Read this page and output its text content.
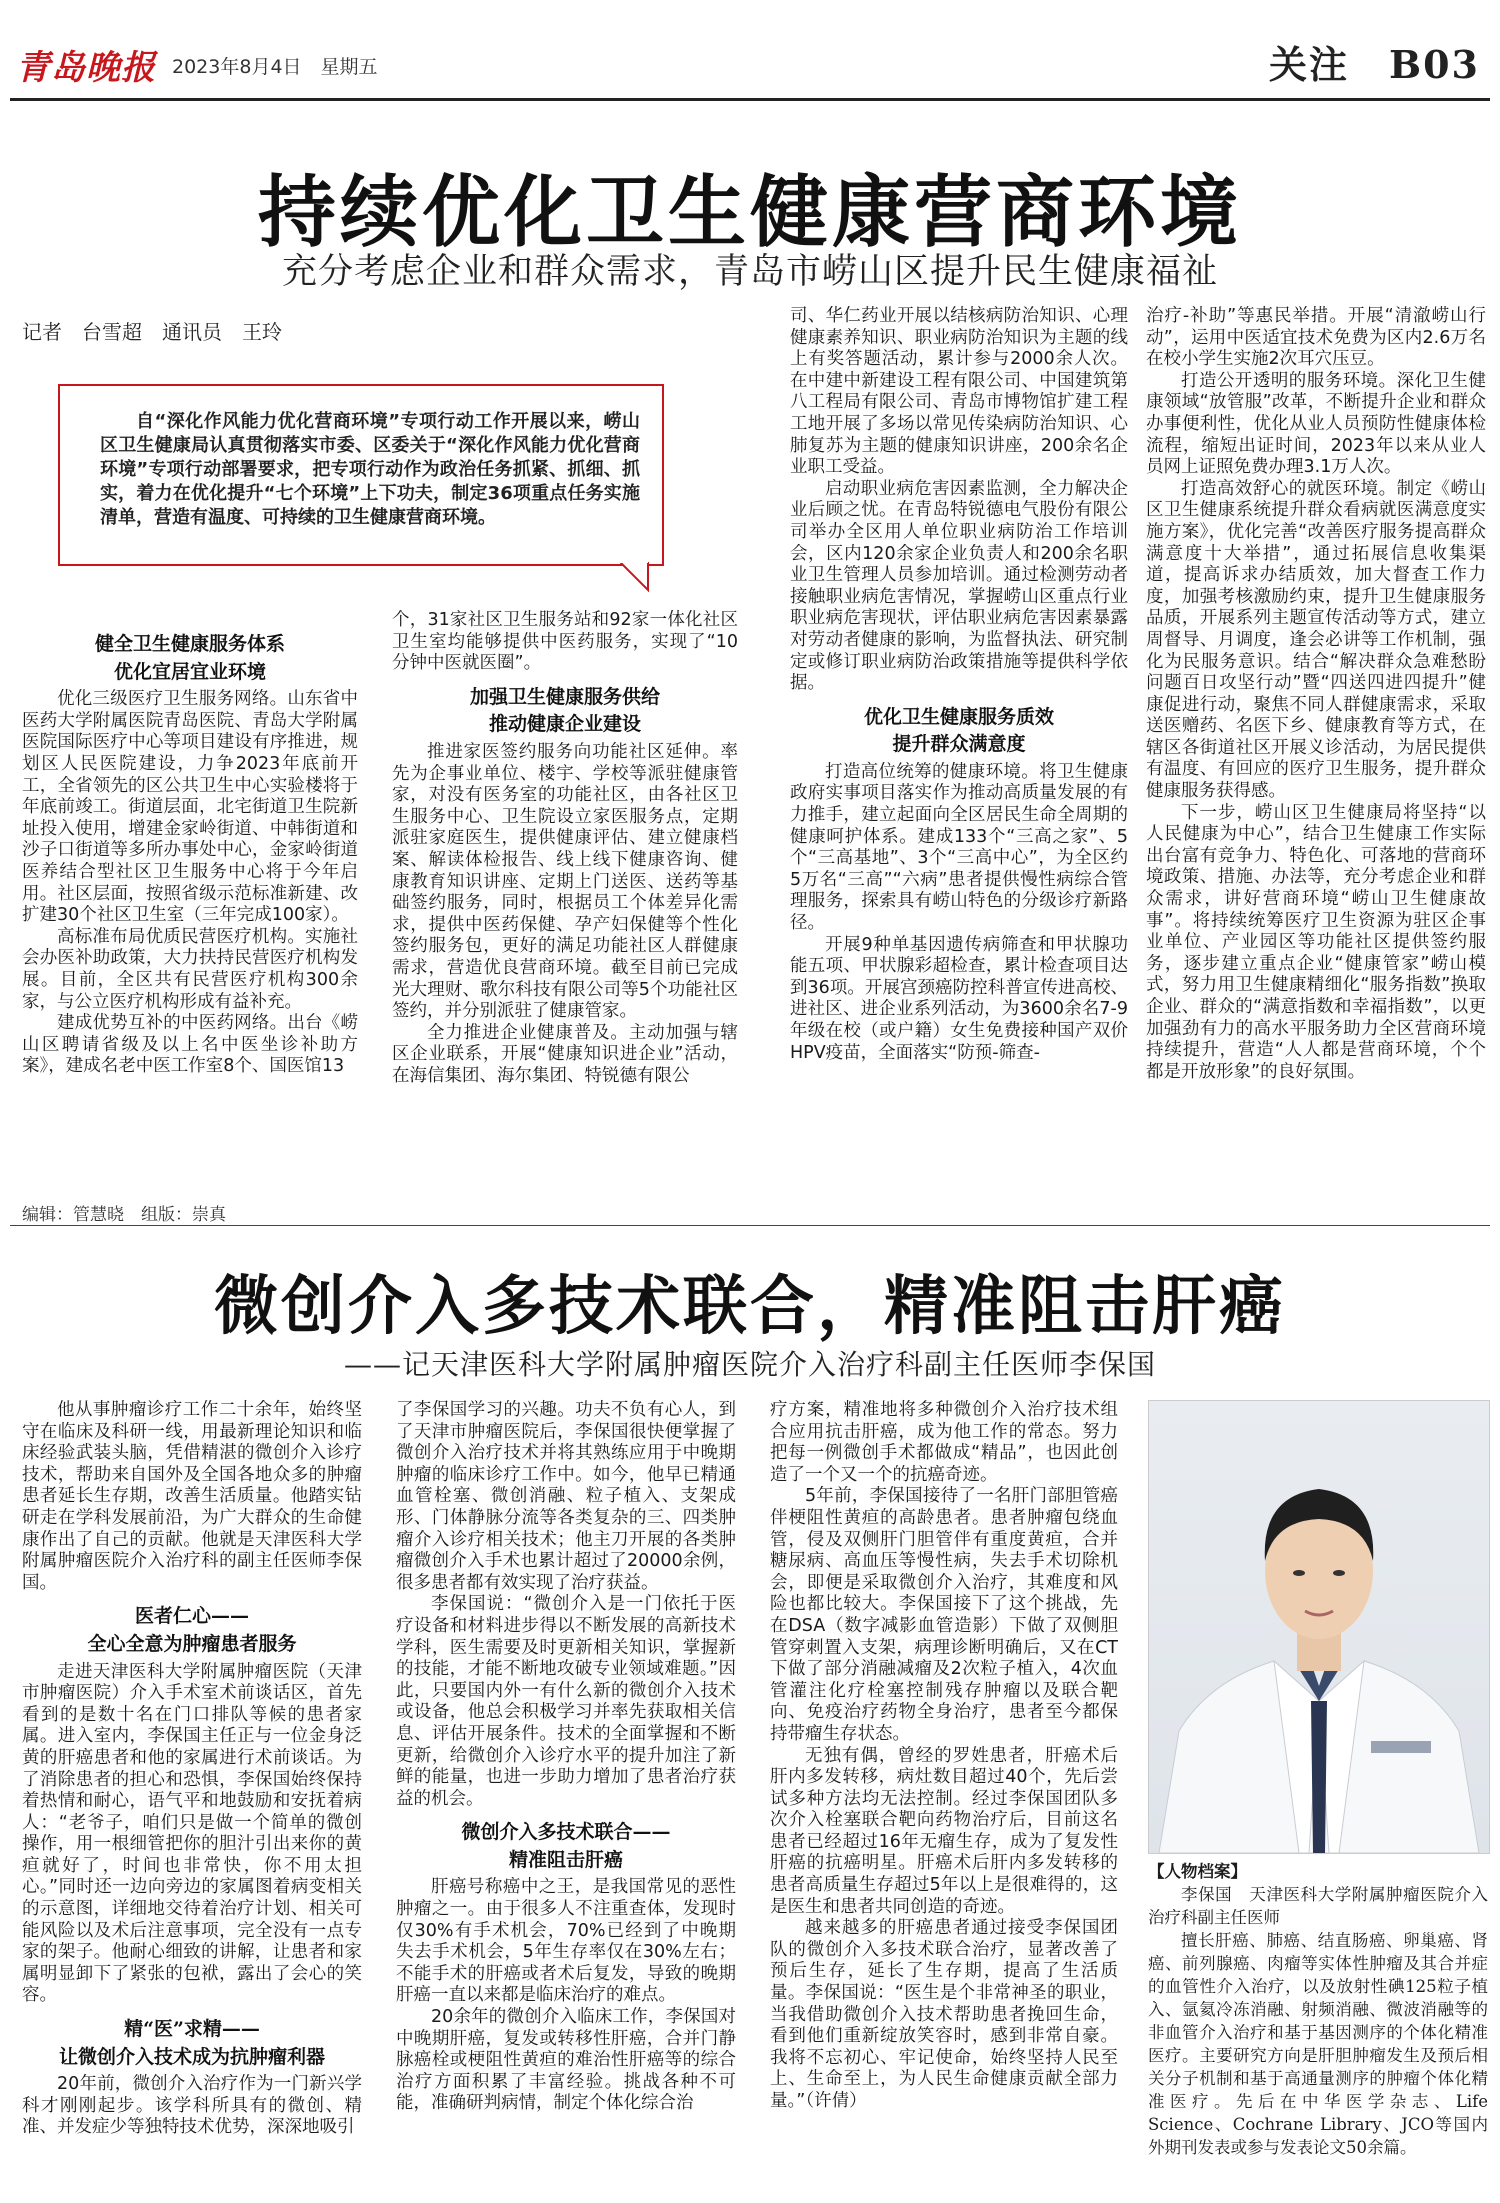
青岛晚报 2023年8月4日　星期五	关注　B03
持续优化卫生健康营商环境
充分考虑企业和群众需求，青岛市崂山区提升民生健康福祉
记者　台雪超　通讯员　王玲
自“深化作风能力优化营商环境”专项行动工作开展以来，崂山区卫生健康局认真贯彻落实市委、区委关于“深化作风能力优化营商环境”专项行动部署要求，把专项行动作为政治任务抓紧、抓细、抓实，着力在优化提升“七个环境”上下功夫，制定36项重点任务实施清单，营造有温度、可持续的卫生健康营商环境。
健全卫生健康服务体系
优化宜居宜业环境

优化三级医疗卫生服务网络。山东省中医药大学附属医院青岛医院、青岛大学附属医院国际医疗中心等项目建设有序推进，规划区人民医院建设，力争2023年底前开工，全省领先的区公共卫生中心实验楼将于年底前竣工。街道层面，北宅街道卫生院新址投入使用，增建金家岭街道、中韩街道和沙子口街道等多所办事处中心，金家岭街道医养结合型社区卫生服务中心将于今年启用。社区层面，按照省级示范标准新建、改扩建30个社区卫生室（三年完成100家）。

高标准布局优质民营医疗机构。实施社会办医补助政策，大力扶持民营医疗机构发展。目前，全区共有民营医疗机构300余家，与公立医疗机构形成有益补充。

建成优势互补的中医药网络。出台《崂山区聘请省级及以上名中医坐诊补助方案》，建成名老中医工作室8个、国医馆13

个，31家社区卫生服务站和92家一体化社区卫生室均能够提供中医药服务，实现了“10分钟中医就医圈”。

加强卫生健康服务供给
推动健康企业建设

推进家医签约服务向功能社区延伸。率先为企事业单位、楼宇、学校等派驻健康管家，对没有医务室的功能社区，由各社区卫生服务中心、卫生院设立家医服务点，定期派驻家庭医生，提供健康评估、建立健康档案、解读体检报告、线上线下健康咨询、健康教育知识讲座、定期上门送医、送药等基础签约服务，同时，根据员工个体差异化需求，提供中医药保健、孕产妇保健等个性化签约服务包，更好的满足功能社区人群健康需求，营造优良营商环境。截至目前已完成光大理财、歌尔科技有限公司等5个功能社区签约，并分别派驻了健康管家。

全力推进企业健康普及。主动加强与辖区企业联系，开展“健康知识进企业”活动，在海信集团、海尔集团、特锐德有限公

司、华仁药业开展以结核病防治知识、心理健康素养知识、职业病防治知识为主题的线上有奖答题活动，累计参与2000余人次。在中建中新建设工程有限公司、中国建筑第八工程局有限公司、青岛市博物馆扩建工程工地开展了多场以常见传染病防治知识、心肺复苏为主题的健康知识讲座，200余名企业职工受益。

启动职业病危害因素监测，全力解决企业后顾之忧。在青岛特锐德电气股份有限公司举办全区用人单位职业病防治工作培训会，区内120余家企业负责人和200余名职业卫生管理人员参加培训。通过检测劳动者接触职业病危害情况，掌握崂山区重点行业职业病危害现状，评估职业病危害因素暴露对劳动者健康的影响，为监督执法、研究制定或修订职业病防治政策措施等提供科学依据。

优化卫生健康服务质效
提升群众满意度

打造高位统筹的健康环境。将卫生健康政府实事项目落实作为推动高质量发展的有力推手，建立起面向全区居民生命全周期的健康呵护体系。建成133个“三高之家”、5个“三高基地”、3个“三高中心”，为全区约5万名“三高”“六病”患者提供慢性病综合管理服务，探索具有崂山特色的分级诊疗新路径。

开展9种单基因遗传病筛查和甲状腺功能五项、甲状腺彩超检查，累计检查项目达到36项。开展宫颈癌防控科普宣传进高校、进社区、进企业系列活动，为3600余名7-9年级在校（或户籍）女生免费接种国产双价HPV疫苗，全面落实“防预-筛查-

治疗-补助”等惠民举措。开展“清澈崂山行动”，运用中医适宜技术免费为区内2.6万名在校小学生实施2次耳穴压豆。

打造公开透明的服务环境。深化卫生健康领域“放管服”改革，不断提升企业和群众办事便利性，优化从业人员预防性健康体检流程，缩短出证时间，2023年以来从业人员网上证照免费办理3.1万人次。

打造高效舒心的就医环境。制定《崂山区卫生健康系统提升群众看病就医满意度实施方案》，优化完善“改善医疗服务提高群众满意度十大举措”，通过拓展信息收集渠道，提高诉求办结质效，加大督查工作力度，加强考核激励约束，提升卫生健康服务品质，开展系列主题宣传活动等方式，建立周督导、月调度，逢会必讲等工作机制，强化为民服务意识。结合“解决群众急难愁盼问题百日攻坚行动”暨“四送四进四提升”健康促进行动，聚焦不同人群健康需求，采取送医赠药、名医下乡、健康教育等方式，在辖区各街道社区开展义诊活动，为居民提供有温度、有回应的医疗卫生服务，提升群众健康服务获得感。

下一步，崂山区卫生健康局将坚持“以人民健康为中心”，结合卫生健康工作实际出台富有竞争力、特色化、可落地的营商环境政策、措施、办法等，充分考虑企业和群众需求，讲好营商环境“崂山卫生健康故事”。将持续统筹医疗卫生资源为驻区企事业单位、产业园区等功能社区提供签约服务，逐步建立重点企业“健康管家”崂山模式，努力用卫生健康精细化“服务指数”换取企业、群众的“满意指数和幸福指数”，以更加强劲有力的高水平服务助力全区营商环境持续提升，营造“人人都是营商环境，个个都是开放形象”的良好氛围。

编辑：管慧晓　组版：崇真
微创介入多技术联合，精准阻击肝癌
——记天津医科大学附属肿瘤医院介入治疗科副主任医师李保国

他从事肿瘤诊疗工作二十余年，始终坚守在临床及科研一线，用最新理论知识和临床经验武装头脑，凭借精湛的微创介入诊疗技术，帮助来自国外及全国各地众多的肿瘤患者延长生存期，改善生活质量。他踏实钻研走在学科发展前沿，为广大群众的生命健康作出了自己的贡献。他就是天津医科大学附属肿瘤医院介入治疗科的副主任医师李保国。

医者仁心——
全心全意为肿瘤患者服务

走进天津医科大学附属肿瘤医院（天津市肿瘤医院）介入手术室术前谈话区，首先看到的是数十名在门口排队等候的患者家属。进入室内，李保国主任正与一位金身泛黄的肝癌患者和他的家属进行术前谈话。为了消除患者的担心和恐惧，李保国始终保持着热情和耐心，语气平和地鼓励和安抚着病人：“老爷子，咱们只是做一个简单的微创操作，用一根细管把你的胆汁引出来你的黄疸就好了，时间也非常快，你不用太担心。”同时还一边向旁边的家属图着病变相关的示意图，详细地交待着治疗计划、相关可能风险以及术后注意事项，完全没有一点专家的架子。他耐心细致的讲解，让患者和家属明显卸下了紧张的包袱，露出了会心的笑容。

精“医”求精——
让微创介入技术成为抗肿瘤利器

20年前，微创介入治疗作为一门新兴学科才刚刚起步。该学科所具有的微创、精准、并发症少等独特技术优势，深深地吸引

了李保国学习的兴趣。功夫不负有心人，到了天津市肿瘤医院后，李保国很快便掌握了微创介入治疗技术并将其熟练应用于中晚期肿瘤的临床诊疗工作中。如今，他早已精通血管栓塞、微创消融、粒子植入、支架成形、门体静脉分流等各类复杂的三、四类肿瘤介入诊疗相关技术；他主刀开展的各类肿瘤微创介入手术也累计超过了20000余例，很多患者都有效实现了治疗获益。

李保国说：“微创介入是一门依托于医疗设备和材料进步得以不断发展的高新技术学科，医生需要及时更新相关知识，掌握新的技能，才能不断地攻破专业领域难题。”因此，只要国内外一有什么新的微创介入技术或设备，他总会积极学习并率先获取相关信息、评估开展条件。技术的全面掌握和不断更新，给微创介入诊疗水平的提升加注了新鲜的能量，也进一步助力增加了患者治疗获益的机会。

微创介入多技术联合——
精准阻击肝癌

肝癌号称癌中之王，是我国常见的恶性肿瘤之一。由于很多人不注重查体，发现时仅30%有手术机会，70%已经到了中晚期失去手术机会，5年生存率仅在30%左右；不能手术的肝癌或者术后复发，导致的晚期肝癌一直以来都是临床治疗的难点。

20余年的微创介入临床工作，李保国对中晚期肝癌，复发或转移性肝癌，合并门静脉癌栓或梗阻性黄疸的难治性肝癌等的综合治疗方面积累了丰富经验。挑战各种不可能，准确研判病情，制定个体化综合治

疗方案，精准地将多种微创介入治疗技术组合应用抗击肝癌，成为他工作的常态。努力把每一例微创手术都做成“精品”，也因此创造了一个又一个的抗癌奇迹。

5年前，李保国接待了一名肝门部胆管癌伴梗阻性黄疸的高龄患者。患者肿瘤包绕血管，侵及双侧肝门胆管伴有重度黄疸，合并糖尿病、高血压等慢性病，失去手术切除机会，即便是采取微创介入治疗，其难度和风险也都比较大。李保国接下了这个挑战，先在DSA（数字减影血管造影）下做了双侧胆管穿刺置入支架，病理诊断明确后，又在CT下做了部分消融减瘤及2次粒子植入，4次血管灌注化疗栓塞控制残存肿瘤以及联合靶向、免疫治疗药物全身治疗，患者至今都保持带瘤生存状态。

无独有偶，曾经的罗姓患者，肝癌术后肝内多发转移，病灶数目超过40个，先后尝试多种方法均无法控制。经过李保国团队多次介入栓塞联合靶向药物治疗后，目前这名患者已经超过16年无瘤生存，成为了复发性肝癌的抗癌明星。肝癌术后肝内多发转移的患者高质量生存超过5年以上是很难得的，这是医生和患者共同创造的奇迹。

越来越多的肝癌患者通过接受李保国团队的微创介入多技术联合治疗，显著改善了预后生存，延长了生存期，提高了生活质量。李保国说：“医生是个非常神圣的职业，当我借助微创介入技术帮助患者挽回生命，看到他们重新绽放笑容时，感到非常自豪。我将不忘初心、牢记使命，始终坚持人民至上、生命至上，为人民生命健康贡献全部力量。”（许倩）

【人物档案】

李保国　天津医科大学附属肿瘤医院介入治疗科副主任医师

擅长肝癌、肺癌、结直肠癌、卵巢癌、肾癌、前列腺癌、肉瘤等实体性肿瘤及其合并症的血管性介入治疗，以及放射性碘125粒子植入、氩氦冷冻消融、射频消融、微波消融等的非血管介入治疗和基于基因测序的个体化精准医疗。主要研究方向是肝胆肿瘤发生及预后相关分子机制和基于高通量测序的肿瘤个体化精准医疗。先后在中华医学杂志、Life Science、Cochrane Library、JCO等国内外期刊发表或参与发表论文50余篇。
